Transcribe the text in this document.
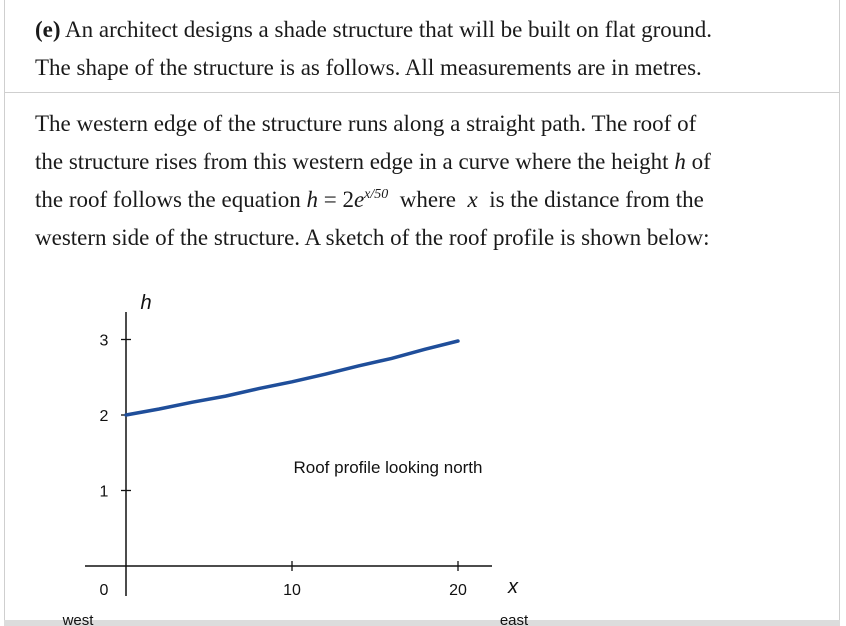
(e) An architect designs a shade structure that will be built on flat ground.
The shape of the structure is as follows. All measurements are in metres.
The western edge of the structure runs along a straight path. The roof of
the structure rises from this western edge in a curve where the height h of
the roof follows the equation $h = 2e^{x/50}$ where x is the distance from the
western side of the structure. A sketch of the roof profile is shown below:
1
2
3
10	20
h
x
0
Roof profile looking north
west	east
